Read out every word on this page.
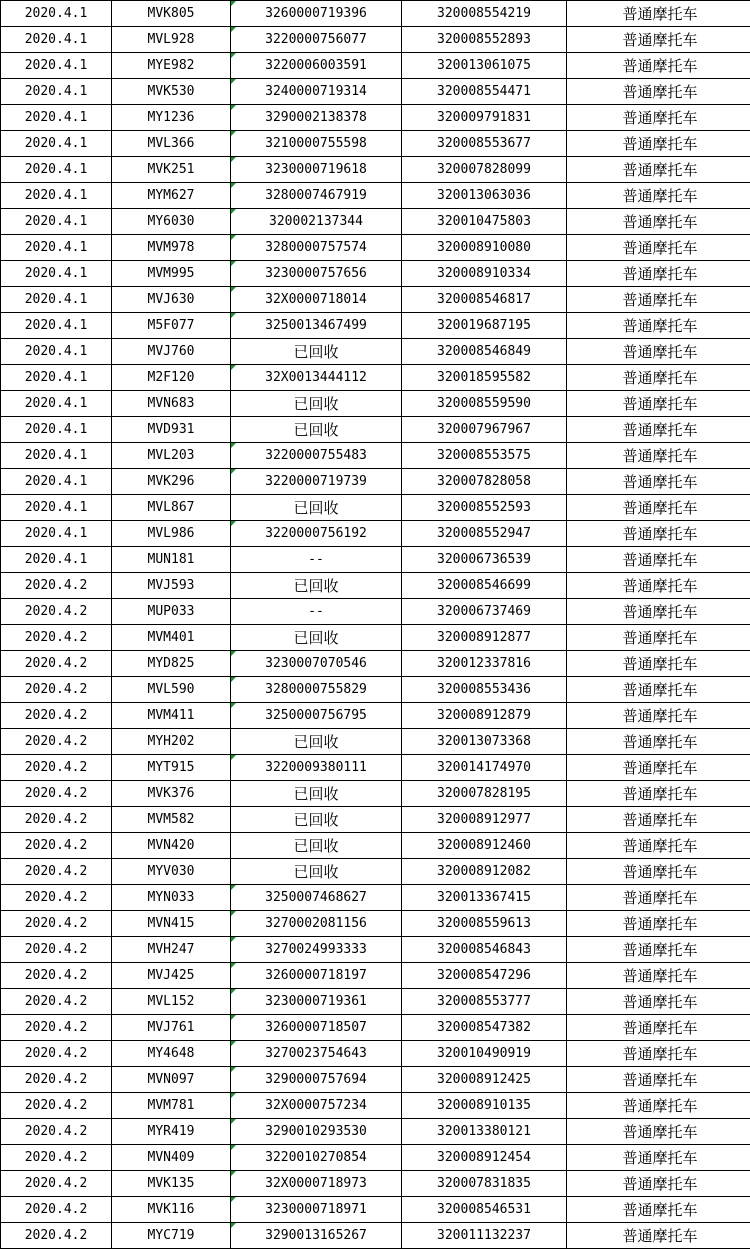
2020.4.1	MVK805	3260000719396	320008554219	普通摩托车
2020.4.1	MVL928	3220000756077	320008552893	普通摩托车
2020.4.1	MYE982	3220006003591	320013061075	普通摩托车
2020.4.1	MVK530	3240000719314	320008554471	普通摩托车
2020.4.1	MY1236	3290002138378	320009791831	普通摩托车
2020.4.1	MVL366	3210000755598	320008553677	普通摩托车
2020.4.1	MVK251	3230000719618	320007828099	普通摩托车
2020.4.1	MYM627	3280007467919	320013063036	普通摩托车
2020.4.1	MY6030	320002137344	320010475803	普通摩托车
2020.4.1	MVM978	3280000757574	320008910080	普通摩托车
2020.4.1	MVM995	3230000757656	320008910334	普通摩托车
2020.4.1	MVJ630	32X0000718014	320008546817	普通摩托车
2020.4.1	M5F077	3250013467499	320019687195	普通摩托车
2020.4.1	MVJ760	已回收	320008546849	普通摩托车
2020.4.1	M2F120	32X0013444112	320018595582	普通摩托车
2020.4.1	MVN683	已回收	320008559590	普通摩托车
2020.4.1	MVD931	已回收	320007967967	普通摩托车
2020.4.1	MVL203	3220000755483	320008553575	普通摩托车
2020.4.1	MVK296	3220000719739	320007828058	普通摩托车
2020.4.1	MVL867	已回收	320008552593	普通摩托车
2020.4.1	MVL986	3220000756192	320008552947	普通摩托车
2020.4.1	MUN181	--	320006736539	普通摩托车
2020.4.2	MVJ593	已回收	320008546699	普通摩托车
2020.4.2	MUP033	--	320006737469	普通摩托车
2020.4.2	MVM401	已回收	320008912877	普通摩托车
2020.4.2	MYD825	3230007070546	320012337816	普通摩托车
2020.4.2	MVL590	3280000755829	320008553436	普通摩托车
2020.4.2	MVM411	3250000756795	320008912879	普通摩托车
2020.4.2	MYH202	已回收	320013073368	普通摩托车
2020.4.2	MYT915	3220009380111	320014174970	普通摩托车
2020.4.2	MVK376	已回收	320007828195	普通摩托车
2020.4.2	MVM582	已回收	320008912977	普通摩托车
2020.4.2	MVN420	已回收	320008912460	普通摩托车
2020.4.2	MYV030	已回收	320008912082	普通摩托车
2020.4.2	MYN033	3250007468627	320013367415	普通摩托车
2020.4.2	MVN415	3270002081156	320008559613	普通摩托车
2020.4.2	MVH247	3270024993333	320008546843	普通摩托车
2020.4.2	MVJ425	3260000718197	320008547296	普通摩托车
2020.4.2	MVL152	3230000719361	320008553777	普通摩托车
2020.4.2	MVJ761	3260000718507	320008547382	普通摩托车
2020.4.2	MY4648	3270023754643	320010490919	普通摩托车
2020.4.2	MVN097	3290000757694	320008912425	普通摩托车
2020.4.2	MVM781	32X0000757234	320008910135	普通摩托车
2020.4.2	MYR419	3290010293530	320013380121	普通摩托车
2020.4.2	MVN409	3220010270854	320008912454	普通摩托车
2020.4.2	MVK135	32X0000718973	320007831835	普通摩托车
2020.4.2	MVK116	3230000718971	320008546531	普通摩托车
2020.4.2	MYC719	3290013165267	320011132237	普通摩托车
